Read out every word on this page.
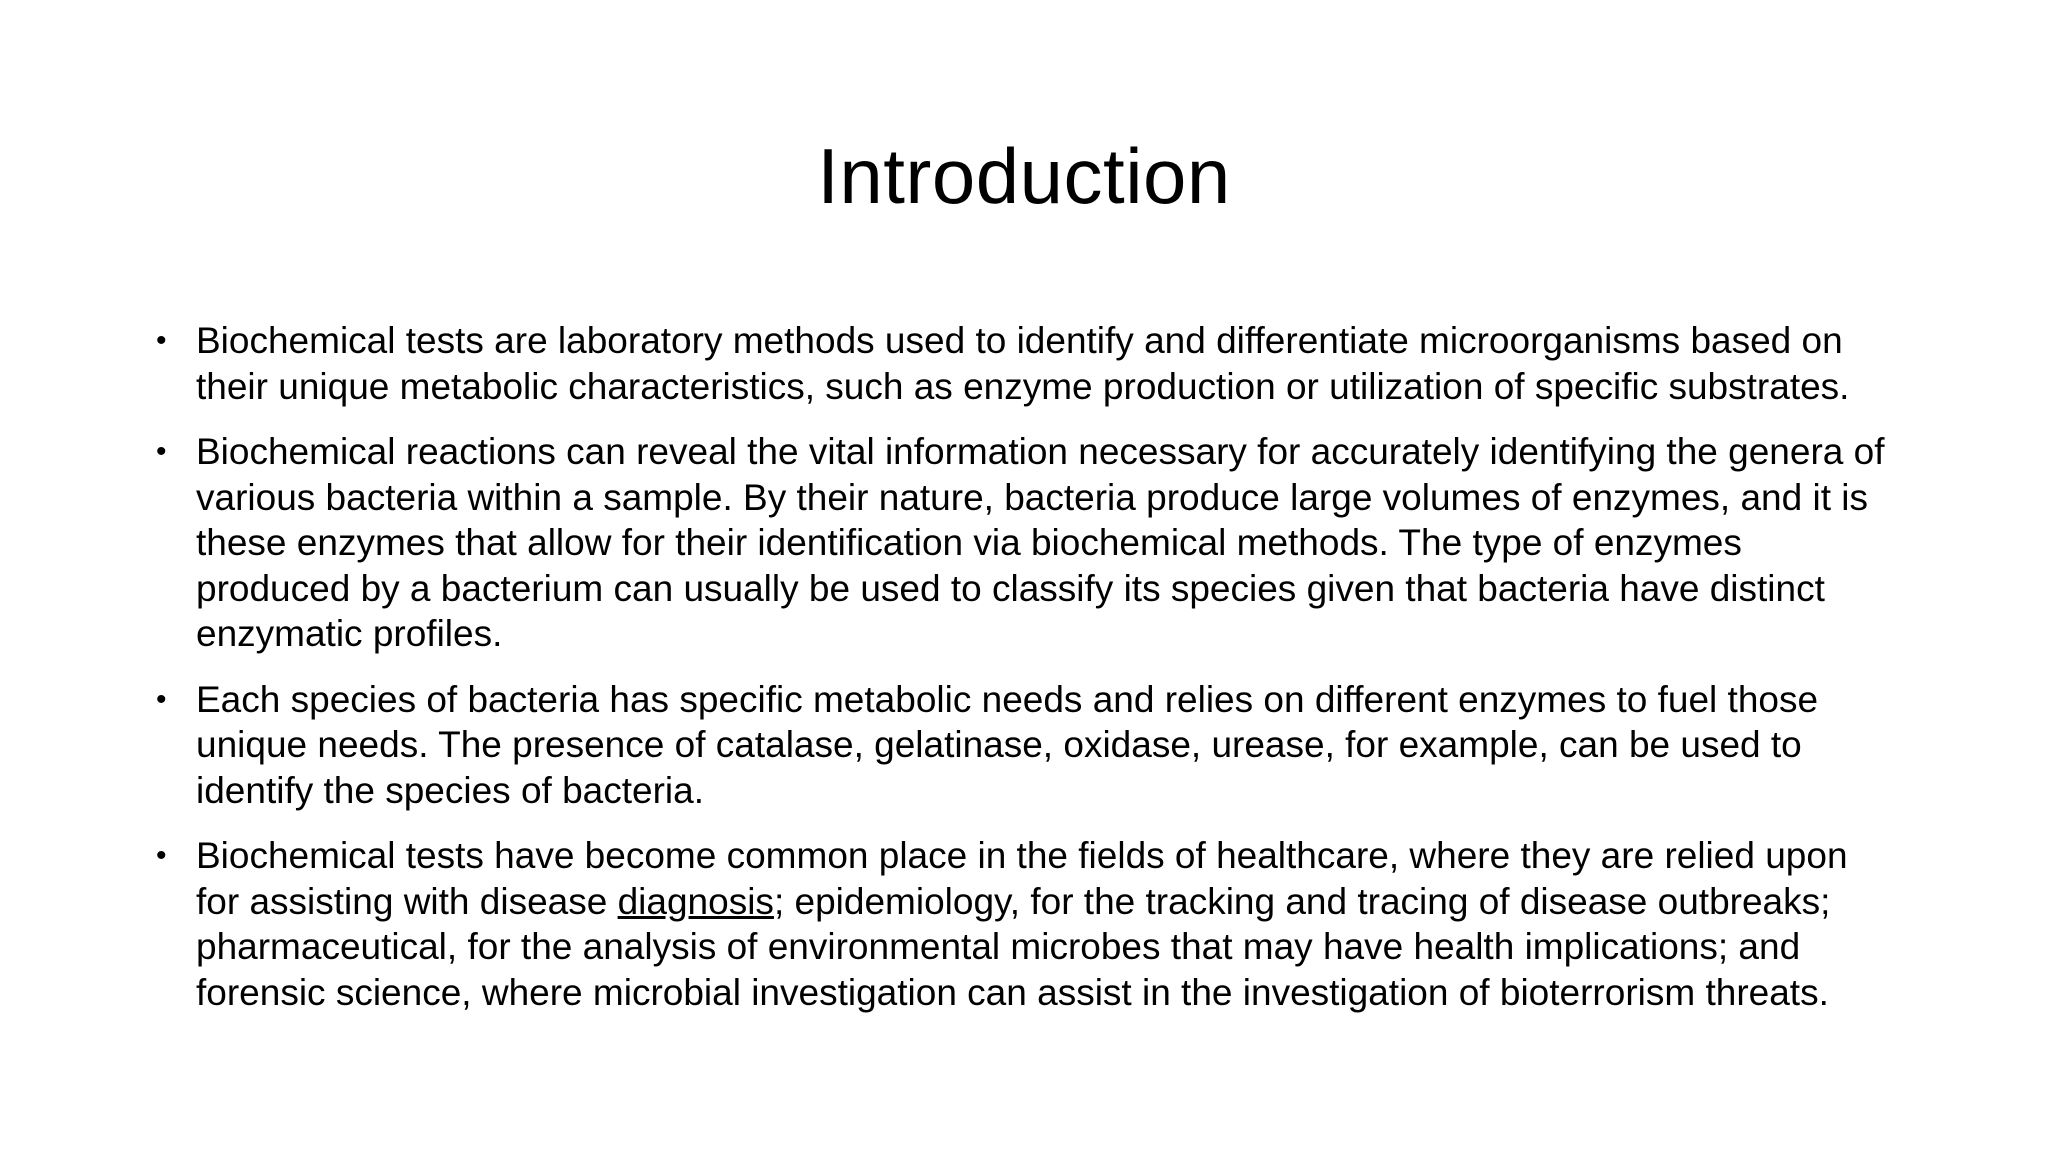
Introduction
• Biochemical tests are laboratory methods used to identify and differentiate microorganisms based on their unique metabolic characteristics, such as enzyme production or utilization of specific substrates.
• Biochemical reactions can reveal the vital information necessary for accurately identifying the genera of various bacteria within a sample. By their nature, bacteria produce large volumes of enzymes, and it is these enzymes that allow for their identification via biochemical methods. The type of enzymes produced by a bacterium can usually be used to classify its species given that bacteria have distinct enzymatic profiles.
• Each species of bacteria has specific metabolic needs and relies on different enzymes to fuel those unique needs. The presence of catalase, gelatinase, oxidase, urease, for example, can be used to identify the species of bacteria.
• Biochemical tests have become common place in the fields of healthcare, where they are relied upon for assisting with disease diagnosis; epidemiology, for the tracking and tracing of disease outbreaks; pharmaceutical, for the analysis of environmental microbes that may have health implications; and forensic science, where microbial investigation can assist in the investigation of bioterrorism threats.
